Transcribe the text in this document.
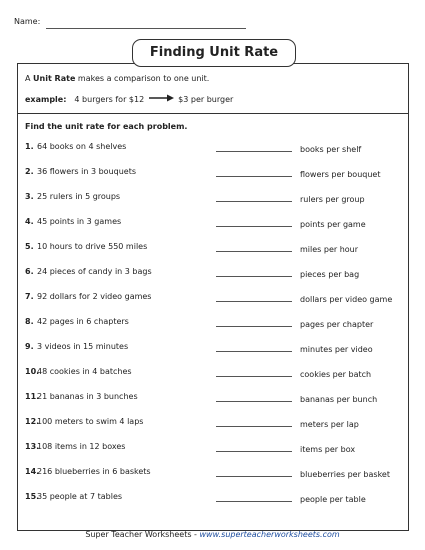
Name:
Finding Unit Rate
A Unit Rate makes a comparison to one unit.
example: 4 burgers for $12	$3 per burger
Find the unit rate for each problem.
1. 64 books on 4 shelves	books per shelf
2. 36 flowers in 3 bouquets	flowers per bouquet
3. 25 rulers in 5 groups	rulers per group
4. 45 points in 3 games	points per game
5. 10 hours to drive 550 miles	miles per hour
6. 24 pieces of candy in 3 bags	pieces per bag
7. 92 dollars for 2 video games	dollars per video game
8. 42 pages in 6 chapters	pages per chapter
9. 3 videos in 15 minutes	minutes per video
10.
48 cookies in 4 batches	cookies per batch
11.
21 bananas in 3 bunches	bananas per bunch
12.
100 meters to swim 4 laps	meters per lap
13.
108 items in 12 boxes	items per box
14.
216 blueberries in 6 baskets	blueberries per basket
15.
35 people at 7 tables	people per table
Super Teacher Worksheets - www.superteacherworksheets.com
